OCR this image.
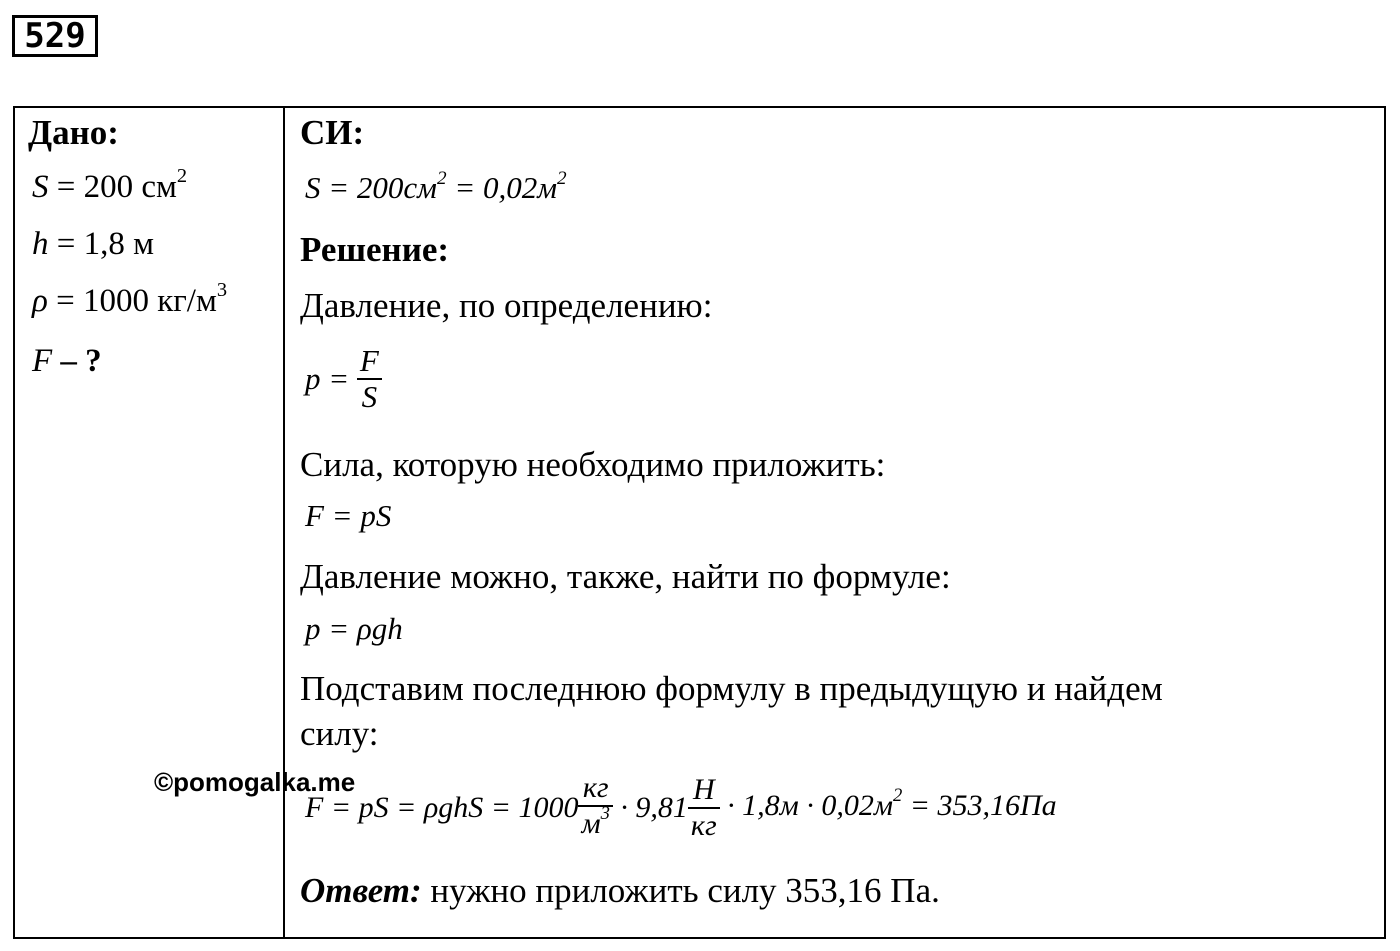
529
Дано:
S = 200 $см^2$
h = 1,8 м
ρ = 1000 $кг/м^3$
F – ?
СИ:
$S = 200см^2 = 0,02м^2$
Решение:
Давление, по определению:
$p = \frac{F}{S}$
Сила, которую необходимо приложить:
F = pS
Давление можно, также, найти по формуле:
p = ρgh
Подставим последнюю формулу в предыдущую и найдем
силу:
F = pS = $\rho ghS = 1000 \frac{кг}{м^3} \cdot 9,81 \frac{Н}{кг} \cdot 1,8м \cdot 0,02м^2 = 353,16Па$
Ответ: нужно приложить силу 353,16 Па.
©pomogalka.me
